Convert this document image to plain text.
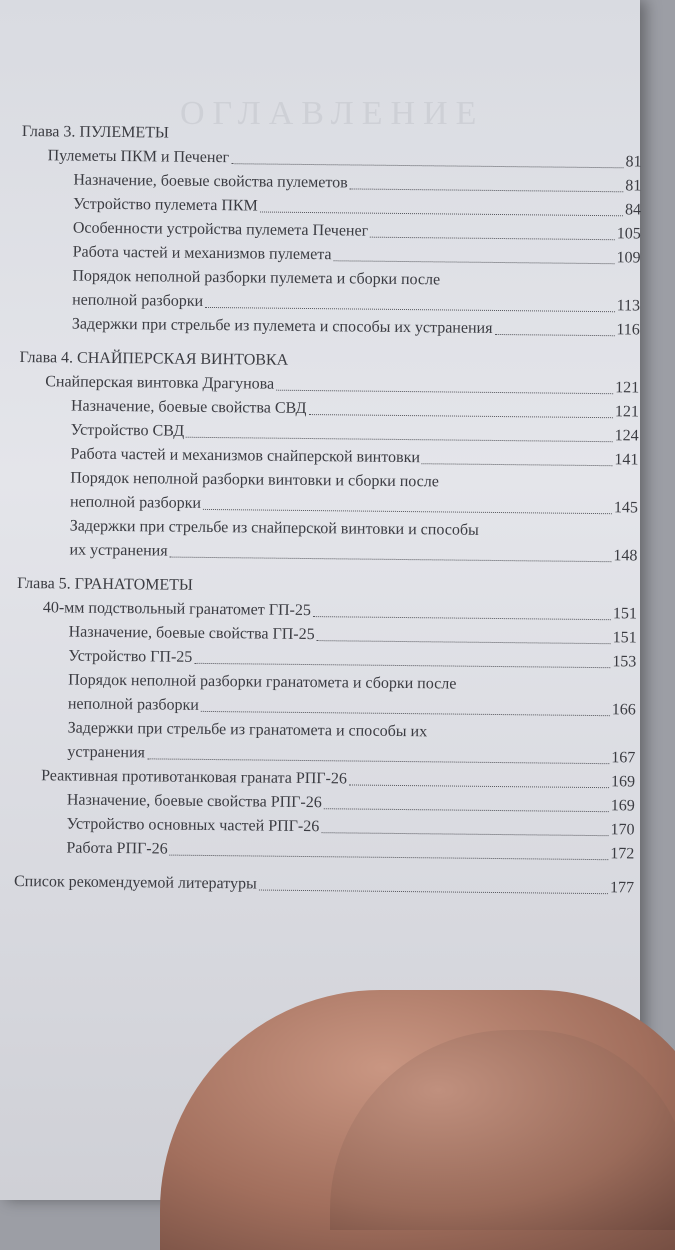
ОГЛАВЛЕНИЕ
Глава 3. ПУЛЕМЕТЫ
Пулеметы ПКМ и Печенег	81
Назначение, боевые свойства пулеметов	81
Устройство пулемета ПКМ	84
Особенности устройства пулемета Печенег	105
Работа частей и механизмов пулемета	109
Порядок неполной разборки пулемета и сборки после
неполной разборки	113
Задержки при стрельбе из пулемета и способы их устранения	116
Глава 4. СНАЙПЕРСКАЯ ВИНТОВКА
Снайперская винтовка Драгунова	121
Назначение, боевые свойства СВД	121
Устройство СВД	124
Работа частей и механизмов снайперской винтовки	141
Порядок неполной разборки винтовки и сборки после
неполной разборки	145
Задержки при стрельбе из снайперской винтовки и способы
их устранения	148
Глава 5. ГРАНАТОМЕТЫ
40-мм подствольный гранатомет ГП-25	151
Назначение, боевые свойства ГП-25	151
Устройство ГП-25	153
Порядок неполной разборки гранатомета и сборки после
неполной разборки	166
Задержки при стрельбе из гранатомета и способы их
устранения	167
Реактивная противотанковая граната РПГ-26	169
Назначение, боевые свойства РПГ-26	169
Устройство основных частей РПГ-26	170
Работа РПГ-26	172
Список рекомендуемой литературы	177
